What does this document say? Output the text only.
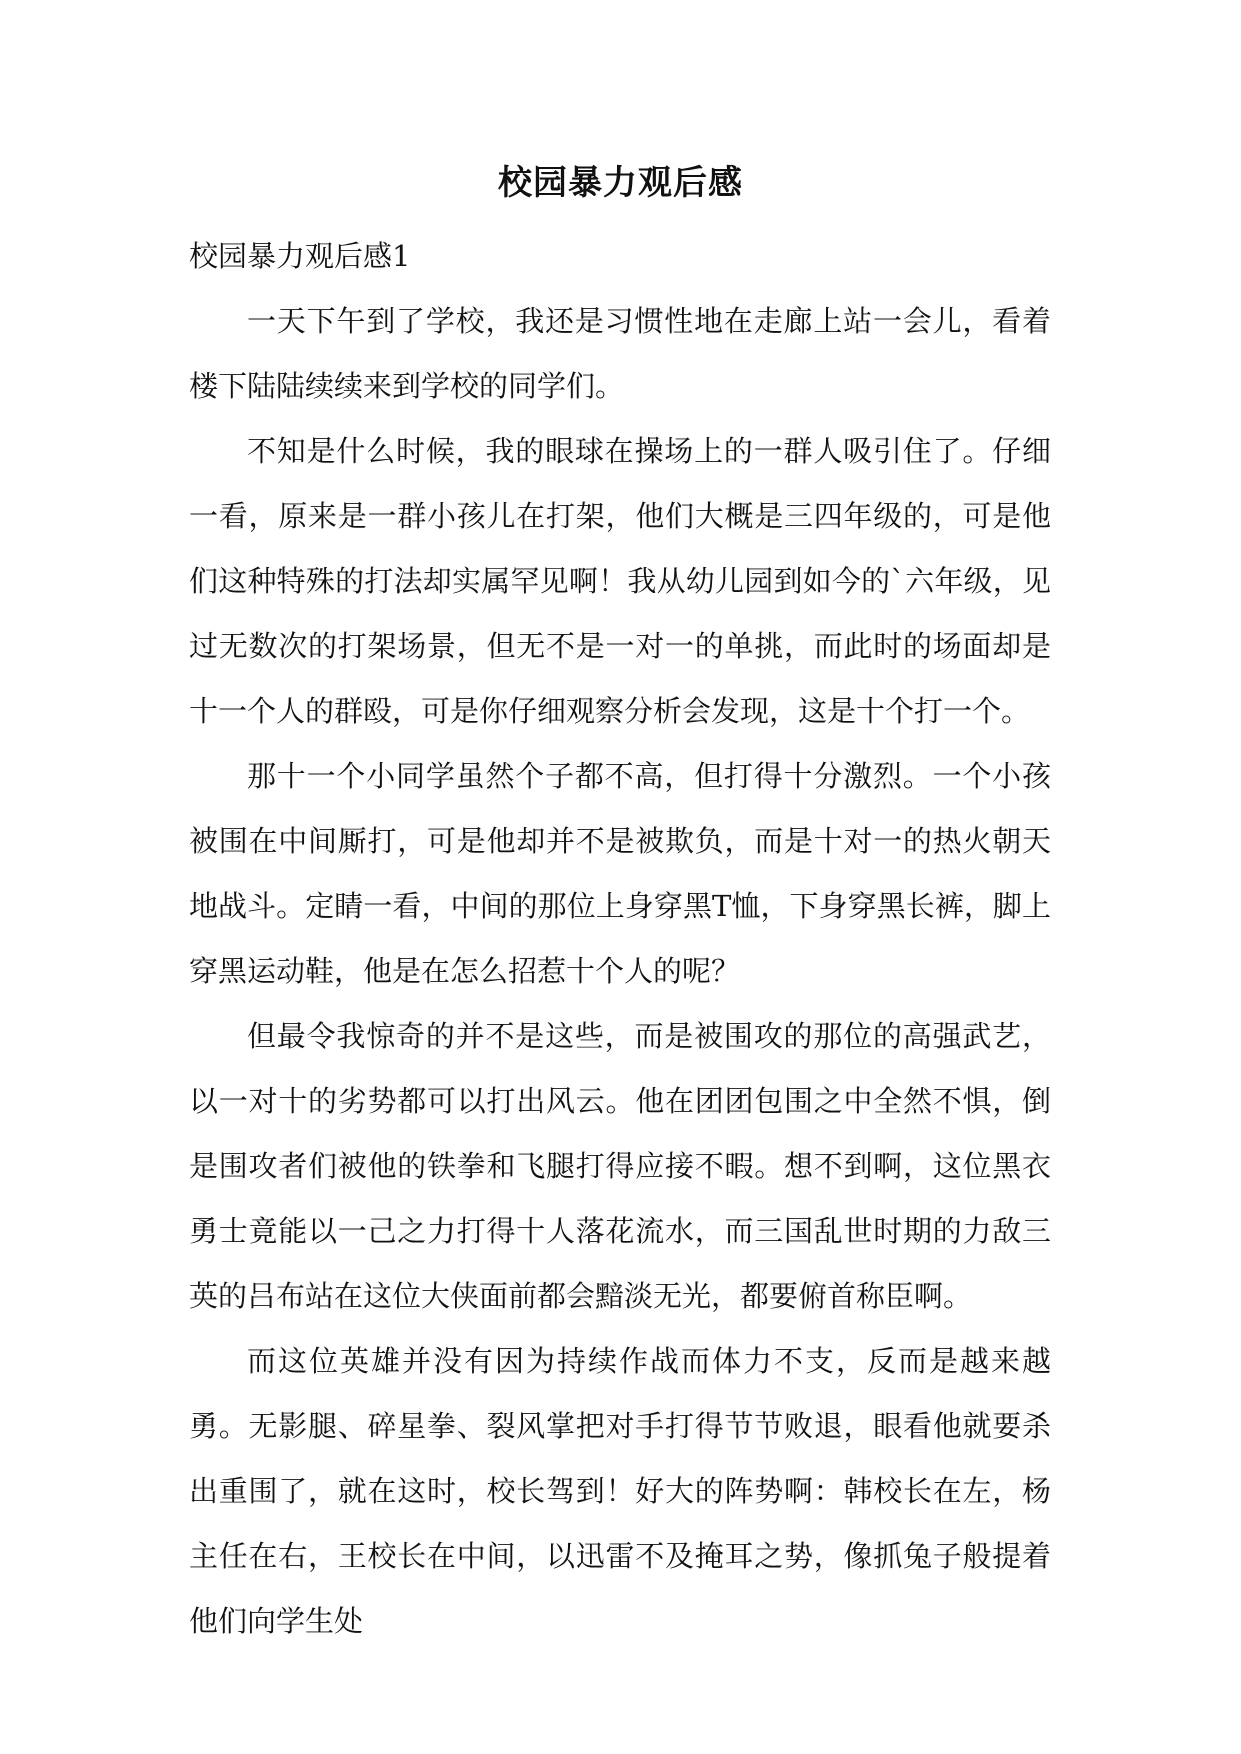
校园暴力观后感

校园暴力观后感1

一天下午到了学校，我还是习惯性地在走廊上站一会儿，看着楼下陆陆续续来到学校的同学们。

不知是什么时候，我的眼球在操场上的一群人吸引住了。仔细一看，原来是一群小孩儿在打架，他们大概是三四年级的，可是他们这种特殊的打法却实属罕见啊！我从幼儿园到如今的`六年级，见过无数次的打架场景，但无不是一对一的单挑，而此时的场面却是十一个人的群殴，可是你仔细观察分析会发现，这是十个打一个。

那十一个小同学虽然个子都不高，但打得十分激烈。一个小孩被围在中间厮打，可是他却并不是被欺负，而是十对一的热火朝天地战斗。定睛一看，中间的那位上身穿黑T恤，下身穿黑长裤，脚上穿黑运动鞋，他是在怎么招惹十个人的呢？

但最令我惊奇的并不是这些，而是被围攻的那位的高强武艺，以一对十的劣势都可以打出风云。他在团团包围之中全然不惧，倒是围攻者们被他的铁拳和飞腿打得应接不暇。想不到啊，这位黑衣勇士竟能以一己之力打得十人落花流水，而三国乱世时期的力敌三英的吕布站在这位大侠面前都会黯淡无光，都要俯首称臣啊。

而这位英雄并没有因为持续作战而体力不支，反而是越来越勇。无影腿、碎星拳、裂风掌把对手打得节节败退，眼看他就要杀出重围了，就在这时，校长驾到！好大的阵势啊：韩校长在左，杨主任在右，王校长在中间，以迅雷不及掩耳之势，像抓兔子般提着他们向学生处
